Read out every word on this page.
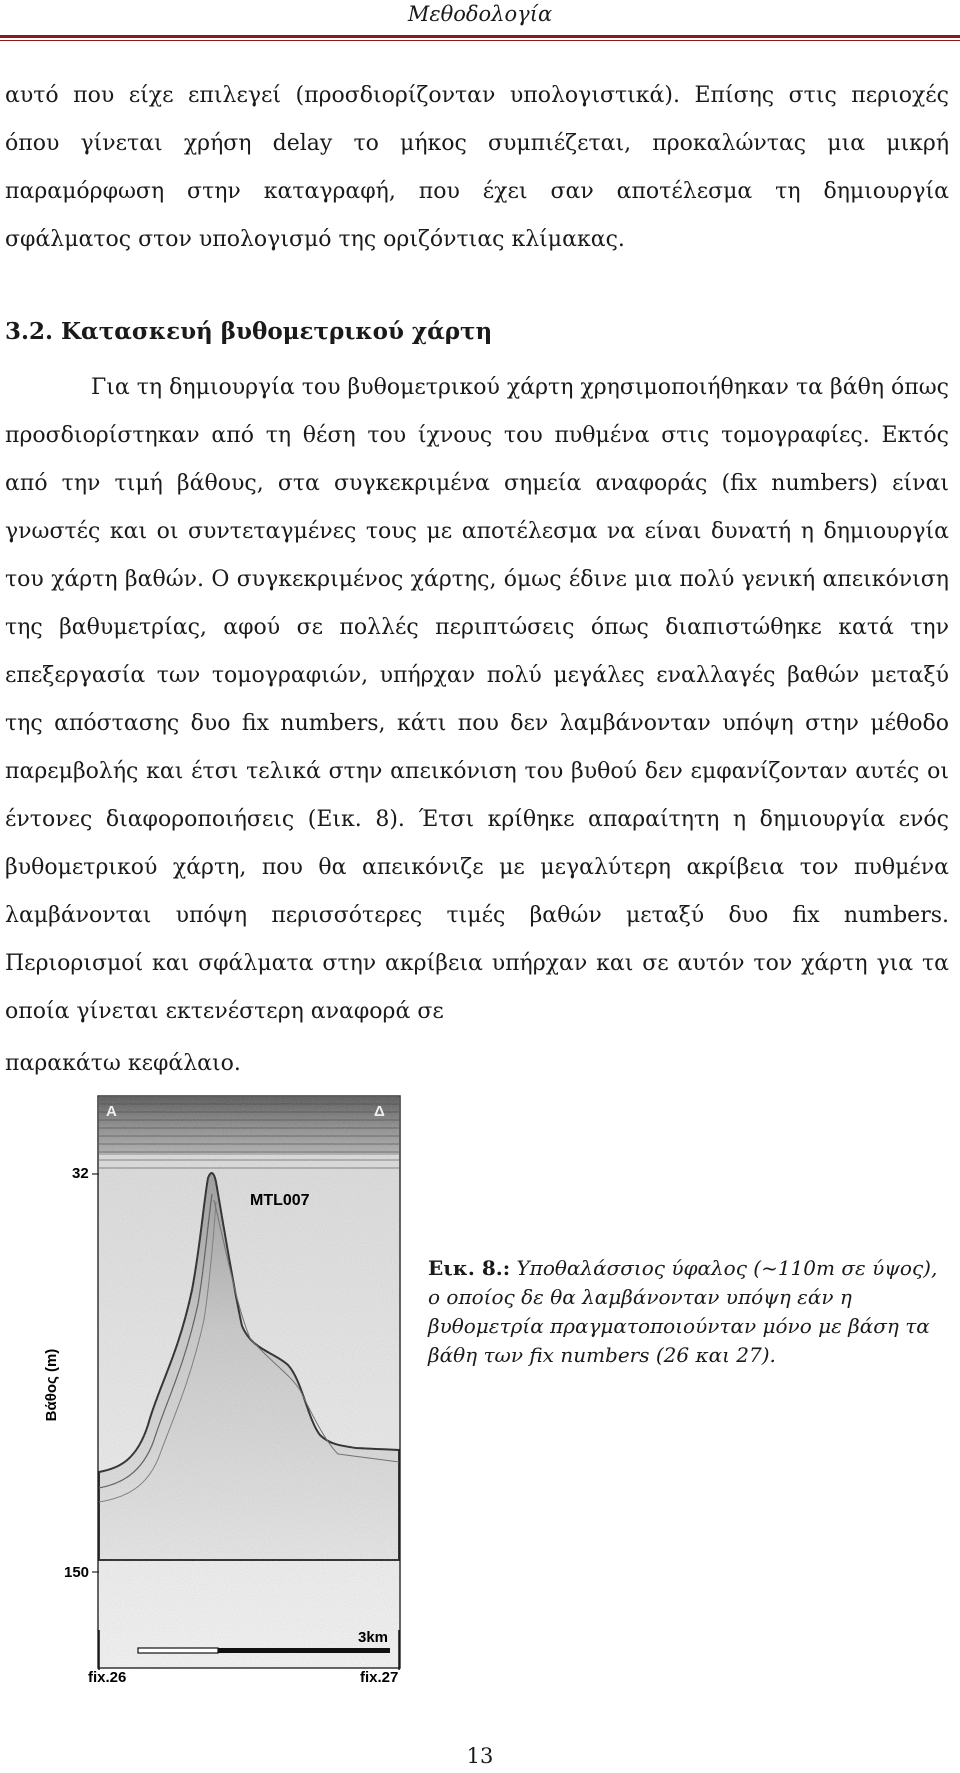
Μεθοδολογία

αυτό που είχε επιλεγεί (προσδιορίζονταν υπολογιστικά). Επίσης στις περιοχές όπου γίνεται χρήση delay το μήκος συμπιέζεται, προκαλώντας μια μικρή παραμόρφωση στην καταγραφή, που έχει σαν αποτέλεσμα τη δημιουργία σφάλματος στον υπολογισμό της οριζόντιας κλίμακας.

3.2. Κατασκευή βυθομετρικού χάρτη

Για τη δημιουργία του βυθομετρικού χάρτη χρησιμοποιήθηκαν τα βάθη όπως προσδιορίστηκαν από τη θέση του ίχνους του πυθμένα στις τομογραφίες. Εκτός από την τιμή βάθους, στα συγκεκριμένα σημεία αναφοράς (fix numbers) είναι γνωστές και οι συντεταγμένες τους με αποτέλεσμα να είναι δυνατή η δημιουργία του χάρτη βαθών. Ο συγκεκριμένος χάρτης, όμως έδινε μια πολύ γενική απεικόνιση της βαθυμετρίας, αφού σε πολλές περιπτώσεις όπως διαπιστώθηκε κατά την επεξεργασία των τομογραφιών, υπήρχαν πολύ μεγάλες εναλλαγές βαθών μεταξύ της απόστασης δυο fix numbers, κάτι που δεν λαμβάνονταν υπόψη στην μέθοδο παρεμβολής και έτσι τελικά στην απεικόνιση του βυθού δεν εμφανίζονταν αυτές οι έντονες διαφοροποιήσεις (Εικ. 8). Έτσι κρίθηκε απαραίτητη η δημιουργία ενός βυθομετρικού χάρτη, που θα απεικόνιζε με μεγαλύτερη ακρίβεια τον πυθμένα λαμβάνονται υπόψη περισσότερες τιμές βαθών μεταξύ δυο fix numbers. Περιορισμοί και σφάλματα στην ακρίβεια υπήρχαν και σε αυτόν τον χάρτη για τα οποία γίνεται εκτενέστερη αναφορά σε

παρακάτω κεφάλαιο.

32
150
Βάθος (m)
Α	Δ
MTL007
3km
fix.26	fix.27

Εικ. 8.: Υποθαλάσσιος ύφαλος (~110m σε ύψος), ο οποίος δε θα λαμβάνονταν υπόψη εάν η βυθομετρία πραγματοποιούνταν μόνο με βάση τα βάθη των fix numbers (26 και 27).

13
